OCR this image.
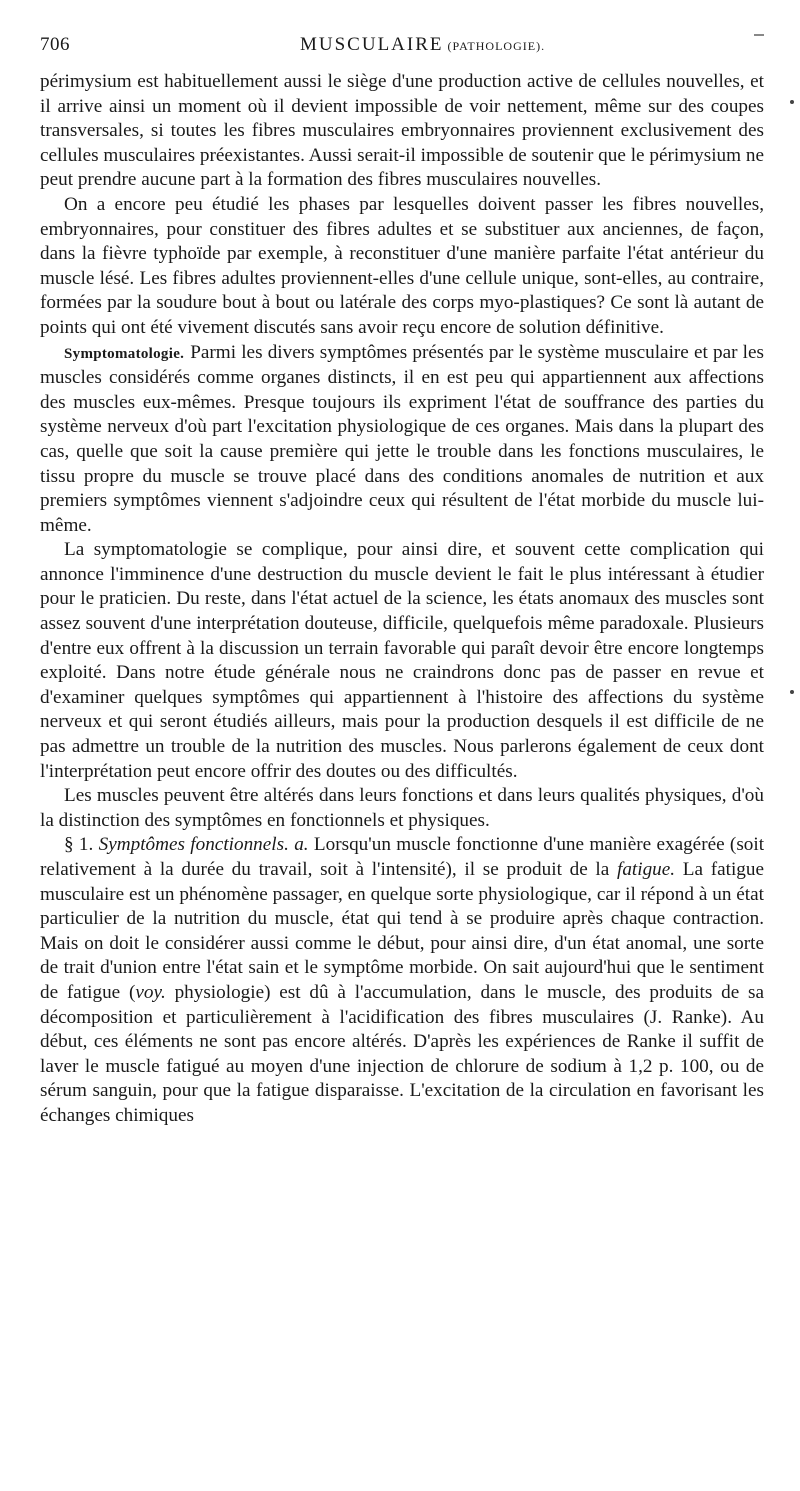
706	MUSCULAIRE (PATHOLOGIE).

périmysium est habituellement aussi le siège d'une production active de cellules nouvelles, et il arrive ainsi un moment où il devient impossible de voir nettement, même sur des coupes transversales, si toutes les fibres musculaires embryonnaires proviennent exclusivement des cellules musculaires préexistantes. Aussi serait-il impossible de soutenir que le périmysium ne peut prendre aucune part à la formation des fibres musculaires nouvelles.

On a encore peu étudié les phases par lesquelles doivent passer les fibres nouvelles, embryonnaires, pour constituer des fibres adultes et se substituer aux anciennes, de façon, dans la fièvre typhoïde par exemple, à reconstituer d'une manière parfaite l'état antérieur du muscle lésé. Les fibres adultes proviennent-elles d'une cellule unique, sont-elles, au contraire, formées par la soudure bout à bout ou latérale des corps myo-plastiques? Ce sont là autant de points qui ont été vivement discutés sans avoir reçu encore de solution définitive.

Symptomatologie. Parmi les divers symptômes présentés par le système musculaire et par les muscles considérés comme organes distincts, il en est peu qui appartiennent aux affections des muscles eux-mêmes. Presque toujours ils expriment l'état de souffrance des parties du système nerveux d'où part l'excitation physiologique de ces organes. Mais dans la plupart des cas, quelle que soit la cause première qui jette le trouble dans les fonctions musculaires, le tissu propre du muscle se trouve placé dans des conditions anomales de nutrition et aux premiers symptômes viennent s'adjoindre ceux qui résultent de l'état morbide du muscle lui-même.

La symptomatologie se complique, pour ainsi dire, et souvent cette complication qui annonce l'imminence d'une destruction du muscle devient le fait le plus intéressant à étudier pour le praticien. Du reste, dans l'état actuel de la science, les états anomaux des muscles sont assez souvent d'une interprétation douteuse, difficile, quelquefois même paradoxale. Plusieurs d'entre eux offrent à la discussion un terrain favorable qui paraît devoir être encore longtemps exploité. Dans notre étude générale nous ne craindrons donc pas de passer en revue et d'examiner quelques symptômes qui appartiennent à l'histoire des affections du système nerveux et qui seront étudiés ailleurs, mais pour la production desquels il est difficile de ne pas admettre un trouble de la nutrition des muscles. Nous parlerons également de ceux dont l'interprétation peut encore offrir des doutes ou des difficultés.

Les muscles peuvent être altérés dans leurs fonctions et dans leurs qualités physiques, d'où la distinction des symptômes en fonctionnels et physiques.

§ 1. Symptômes fonctionnels. a. Lorsqu'un muscle fonctionne d'une manière exagérée (soit relativement à la durée du travail, soit à l'intensité), il se produit de la fatigue. La fatigue musculaire est un phénomène passager, en quelque sorte physiologique, car il répond à un état particulier de la nutrition du muscle, état qui tend à se produire après chaque contraction. Mais on doit le considérer aussi comme le début, pour ainsi dire, d'un état anomal, une sorte de trait d'union entre l'état sain et le symptôme morbide. On sait aujourd'hui que le sentiment de fatigue (voy. physiologie) est dû à l'accumulation, dans le muscle, des produits de sa décomposition et particulièrement à l'acidification des fibres musculaires (J. Ranke). Au début, ces éléments ne sont pas encore altérés. D'après les expériences de Ranke il suffit de laver le muscle fatigué au moyen d'une injection de chlorure de sodium à 1,2 p. 100, ou de sérum sanguin, pour que la fatigue disparaisse. L'excitation de la circulation en favorisant les échanges chimiques
